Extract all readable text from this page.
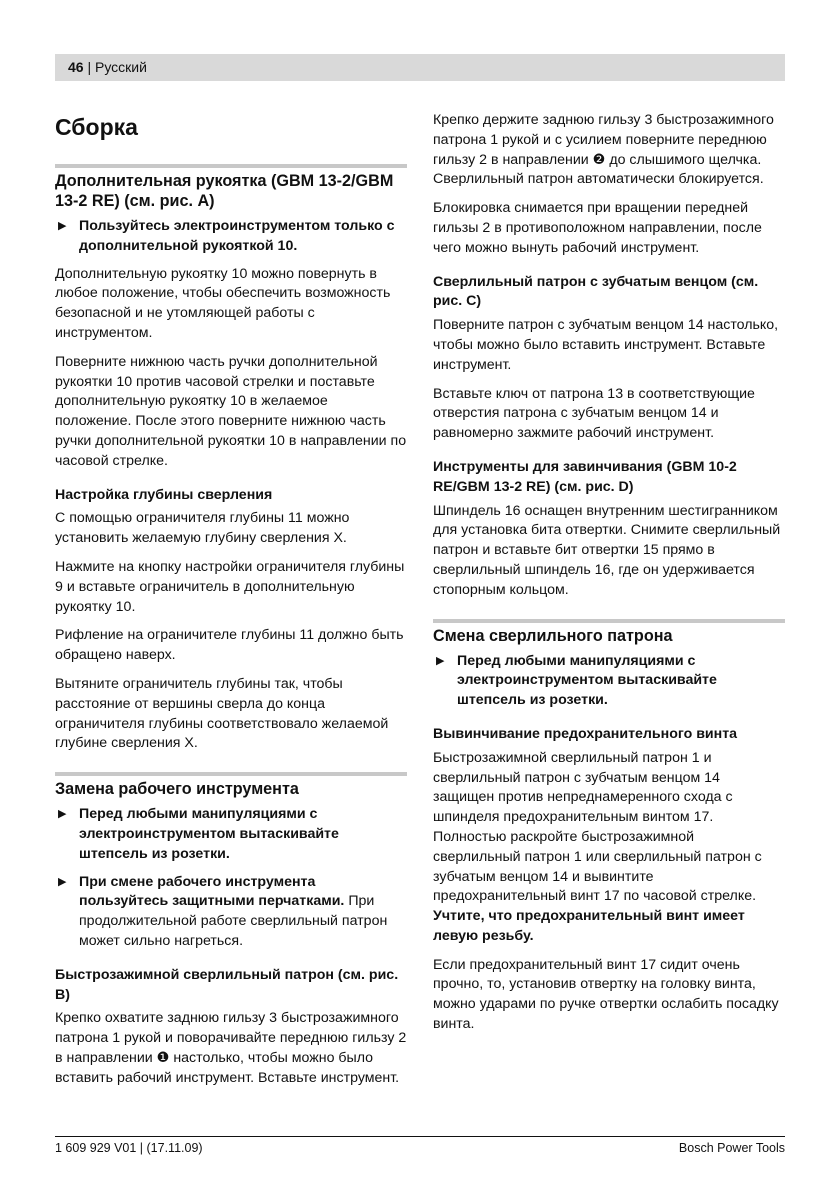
46 | Русский
Сборка
Дополнительная рукоятка (GBM 13-2/GBM 13-2 RE) (см. рис. A)
▶ Пользуйтесь электроинструментом только с дополнительной рукояткой 10.

Дополнительную рукоятку 10 можно повернуть в любое положение, чтобы обеспечить возможность безопасной и не утомляющей работы с инструментом.

Поверните нижнюю часть ручки дополнительной рукоятки 10 против часовой стрелки и поставьте дополнительную рукоятку 10 в желаемое положение. После этого поверните нижнюю часть ручки дополнительной рукоятки 10 в направлении по часовой стрелке.

Настройка глубины сверления

С помощью ограничителя глубины 11 можно установить желаемую глубину сверления X.

Нажмите на кнопку настройки ограничителя глубины 9 и вставьте ограничитель в дополнительную рукоятку 10.

Рифление на ограничителе глубины 11 должно быть обращено наверх.

Вытяните ограничитель глубины так, чтобы расстояние от вершины сверла до конца ограничителя глубины соответствовало желаемой глубине сверления X.

Замена рабочего инструмента
▶ Перед любыми манипуляциями с электроинструментом вытаскивайте штепсель из розетки.
▶ При смене рабочего инструмента пользуйтесь защитными перчатками. При продолжительной работе сверлильный патрон может сильно нагреться.
Быстрозажимной сверлильный патрон (см. рис. B)

Крепко охватите заднюю гильзу 3 быстрозажимного патрона 1 рукой и поворачивайте переднюю гильзу 2 в направлении ❶ настолько, чтобы можно было вставить рабочий инструмент. Вставьте инструмент.

Крепко держите заднюю гильзу 3 быстрозажимного патрона 1 рукой и с усилием поверните переднюю гильзу 2 в направлении ❷ до слышимого щелчка. Сверлильный патрон автоматически блокируется.

Блокировка снимается при вращении передней гильзы 2 в противоположном направлении, после чего можно вынуть рабочий инструмент.

Сверлильный патрон с зубчатым венцом (см. рис. C)

Поверните патрон с зубчатым венцом 14 настолько, чтобы можно было вставить инструмент. Вставьте инструмент.

Вставьте ключ от патрона 13 в соответствующие отверстия патрона с зубчатым венцом 14 и равномерно зажмите рабочий инструмент.

Инструменты для завинчивания (GBM 10-2 RE/GBM 13-2 RE) (см. рис. D)

Шпиндель 16 оснащен внутренним шестигранником для установка бита отвертки. Снимите сверлильный патрон и вставьте бит отвертки 15 прямо в сверлильный шпиндель 16, где он удерживается стопорным кольцом.

Смена сверлильного патрона
▶ Перед любыми манипуляциями с электроинструментом вытаскивайте штепсель из розетки.
Вывинчивание предохранительного винта

Быстрозажимной сверлильный патрон 1 и сверлильный патрон с зубчатым венцом 14 защищен против непреднамеренного схода с шпинделя предохранительным винтом 17. Полностью раскройте быстрозажимной сверлильный патрон 1 или сверлильный патрон с зубчатым венцом 14 и вывинтите предохранительный винт 17 по часовой стрелке. Учтите, что предохранительный винт имеет левую резьбу.

Если предохранительный винт 17 сидит очень прочно, то, установив отвертку на головку винта, можно ударами по ручке отвертки ослабить посадку винта.

1 609 929 V01 | (17.11.09)	Bosch Power Tools
